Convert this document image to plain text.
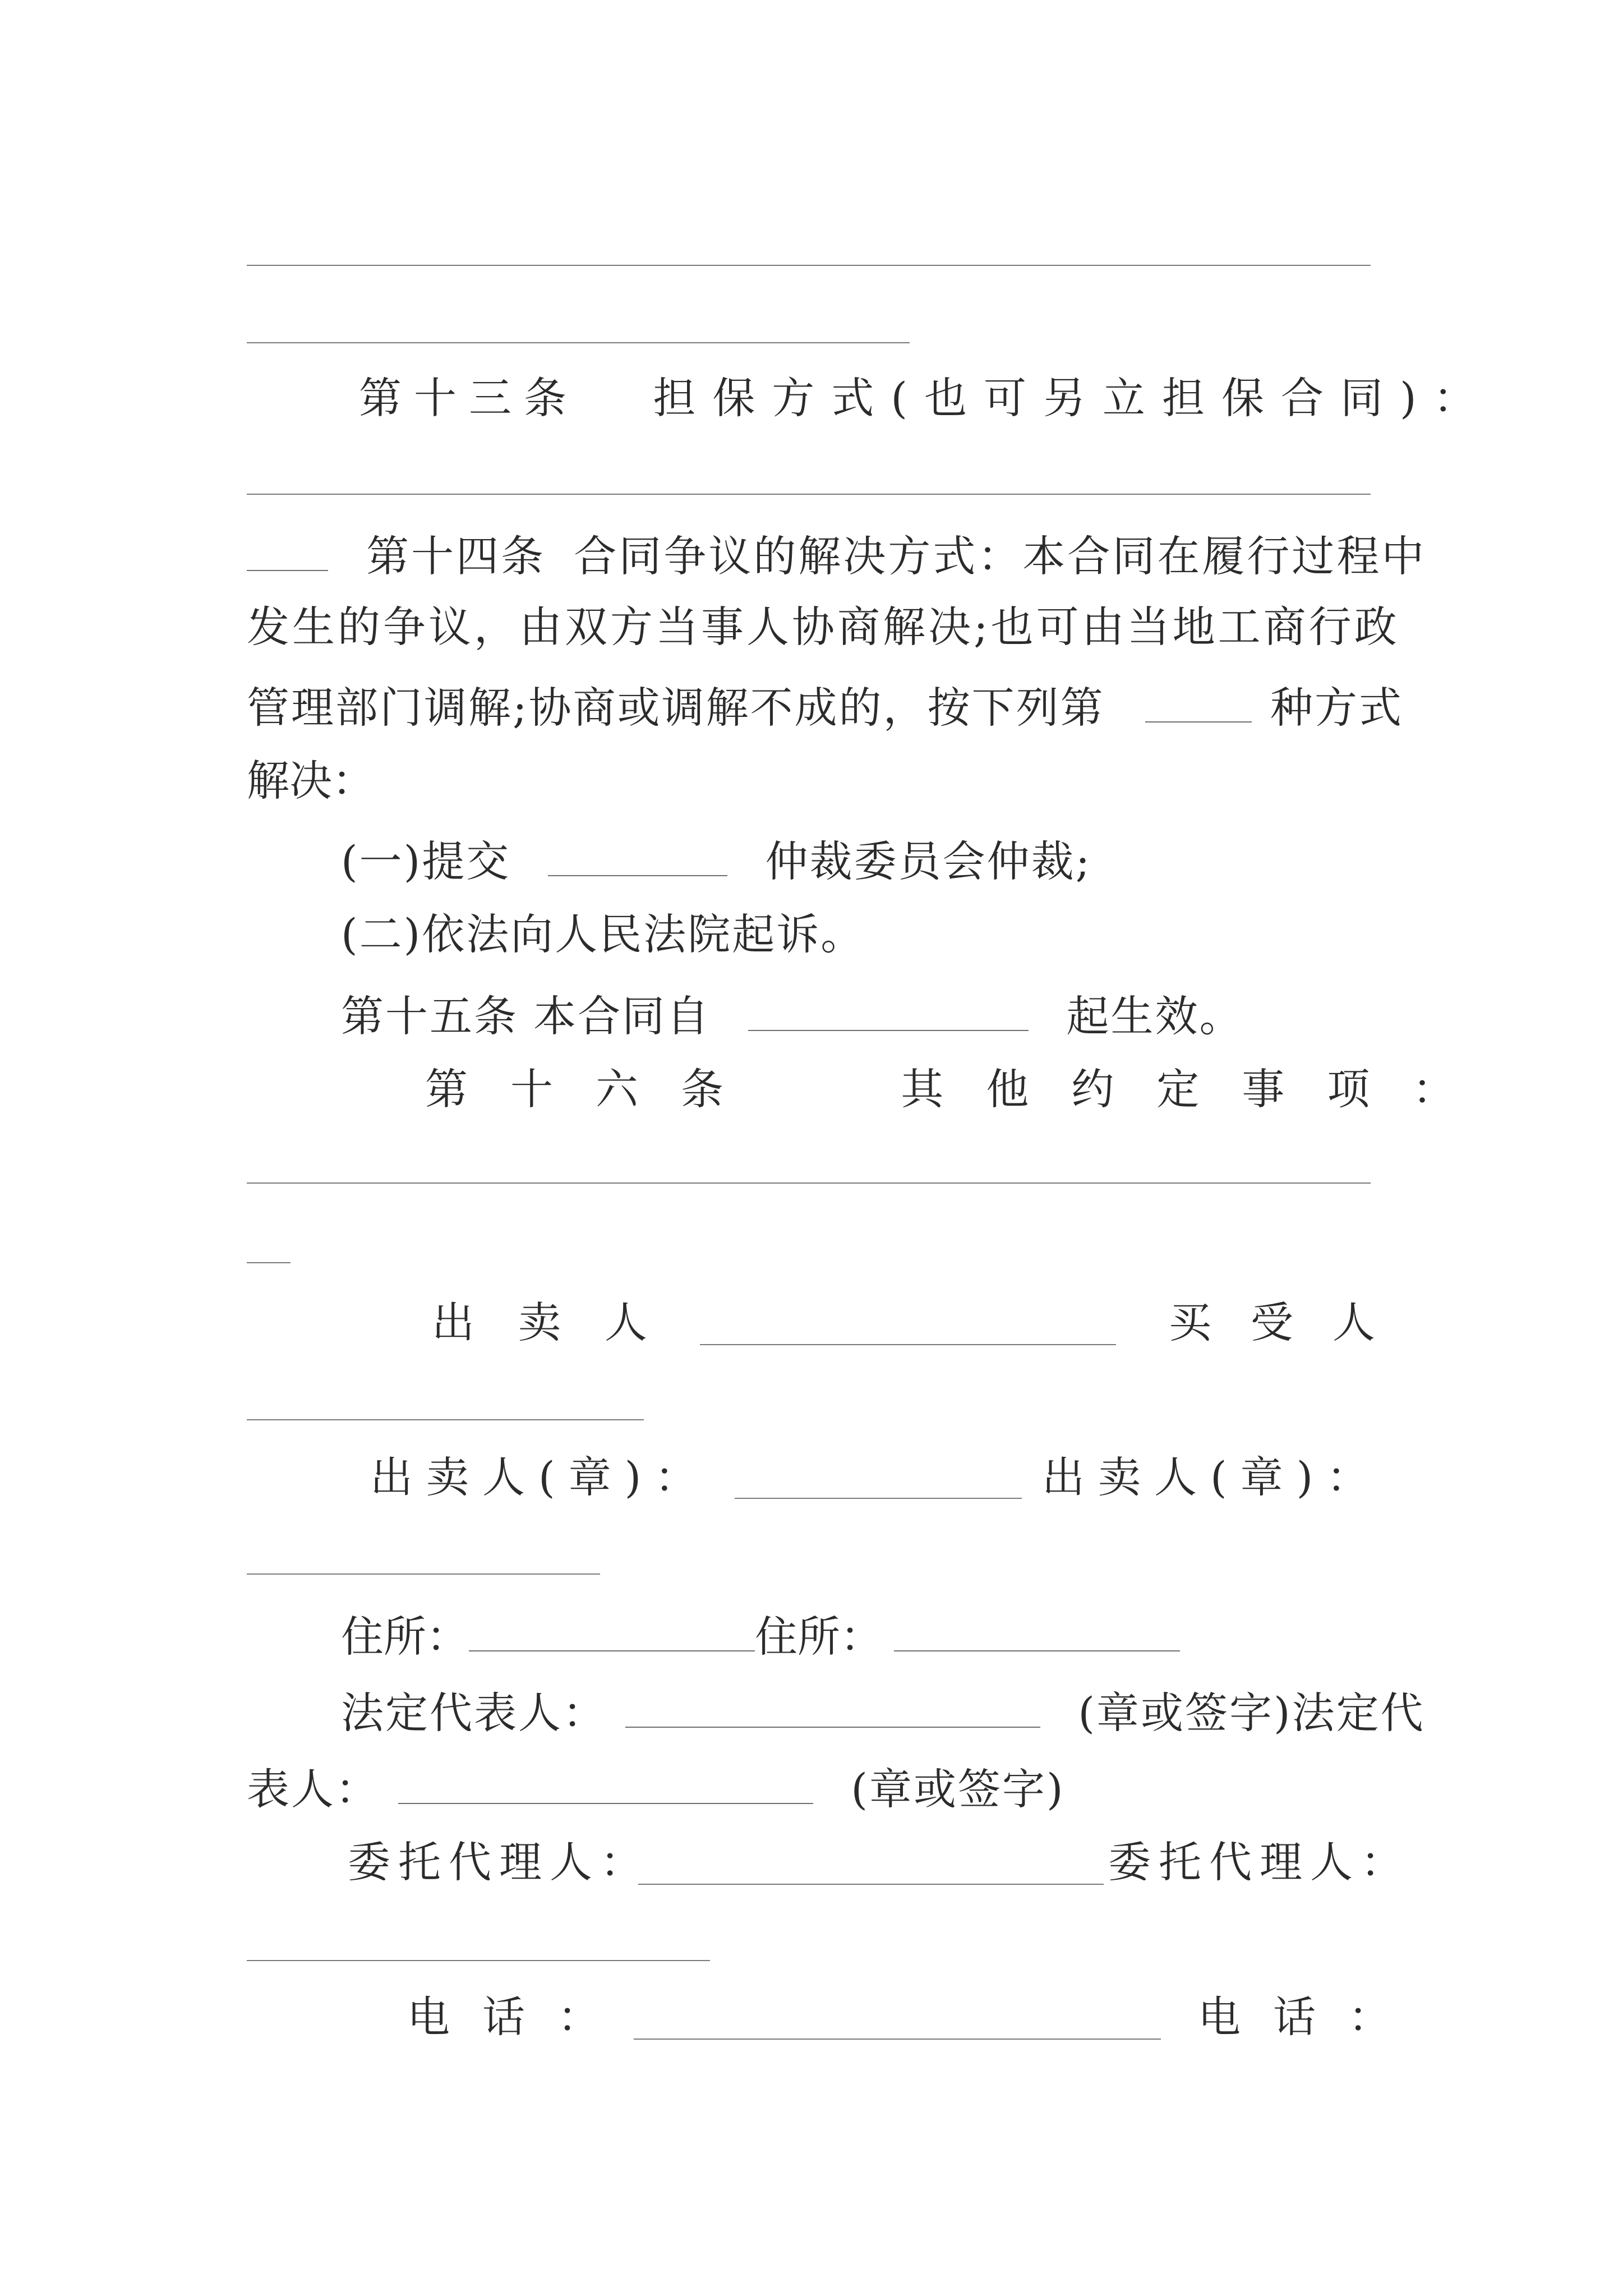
第十三条 担保方式(也可另立担保合同)：
第十四条 合同争议的解决方式：本合同在履行过程中
发生的争议，由双方当事人协商解决;也可由当地工商行政
管理部门调解;协商或调解不成的，按下列第	种方式
解决：
(一)提交	仲裁委员会仲裁;
(二)依法向人民法院起诉。
第十五条 本合同自	起生效。
第十六条	其他约定事项：
出卖人	买受人
出卖人(章)：	出卖人(章)：
住所：	住所：
法定代表人：	(章或签字)法定代
表人：	(章或签字)
委托代理人：	委托代理人：
电话：	电话：
